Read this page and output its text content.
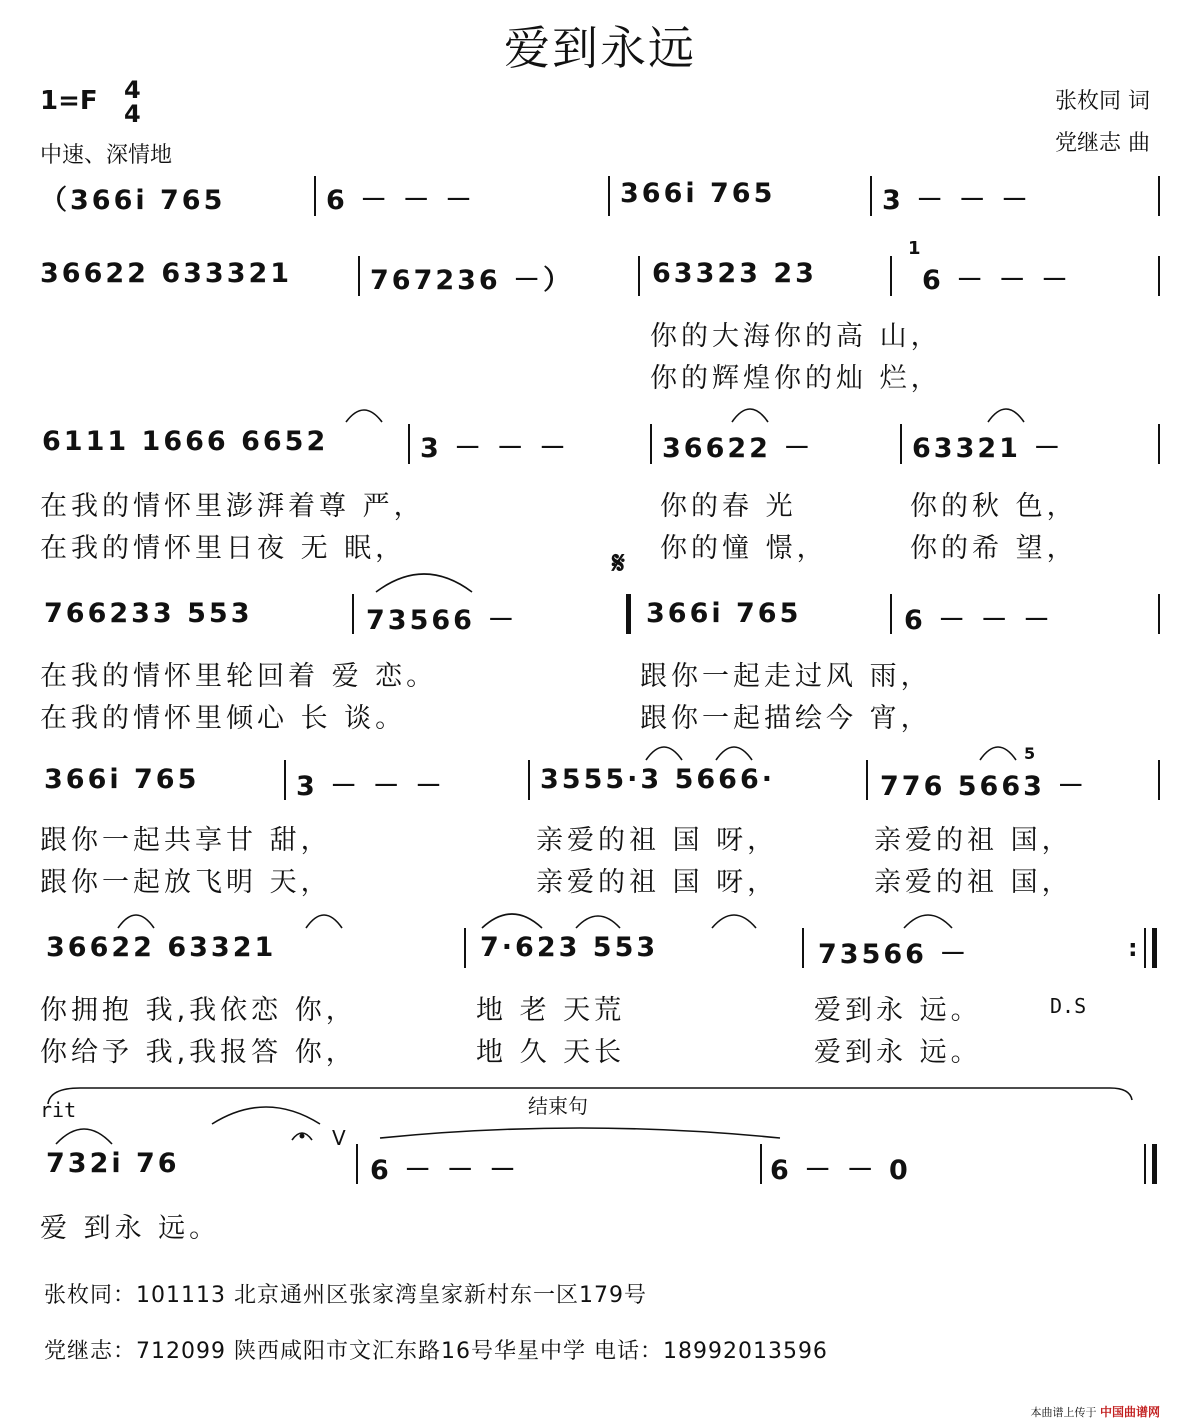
爱到永远
1=F 4
4
中速、深情地
张枚同 词
党继志 曲
（366i 765	6 － － －	366i 765	3 － － －
36622 633321	767236 －）	63323 23	6 － － －
1
你的大海你的高 山，
你的辉煌你的灿 烂，
6111 1666 6652	3 － － －	36622 －	63321 －
在我的情怀里澎湃着尊 严，	你的春 光	你的秋 色，
在我的情怀里日夜 无 眠，	你的憧 憬，	你的希 望，
𝄋
766233 553	73566 －	366i 765	6 － － －
在我的情怀里轮回着 爱 恋。	跟你一起走过风 雨，
在我的情怀里倾心 长 谈。	跟你一起描绘今 宵，
366i 765	3 － － －	3555·3 5666·	776 5663 －
5
跟你一起共享甘 甜，	亲爱的祖 国 呀，	亲爱的祖 国，
跟你一起放飞明 天，	亲爱的祖 国 呀，	亲爱的祖 国，
36622 63321	7·623 553	73566 －	:
你拥抱 我,我依恋 你，	地 老 天荒	爱到永 远。	D.S
你给予 我,我报答 你，	地 久 天长	爱到永 远。
rit	结束句
V
732i 76	6 － － －	6 － － 0
爱 到永 远。
张枚同：101113 北京通州区张家湾皇家新村东一区179号
党继志：712099 陕西咸阳市文汇东路16号华星中学 电话：18992013596
本曲谱上传于 中国曲谱网
